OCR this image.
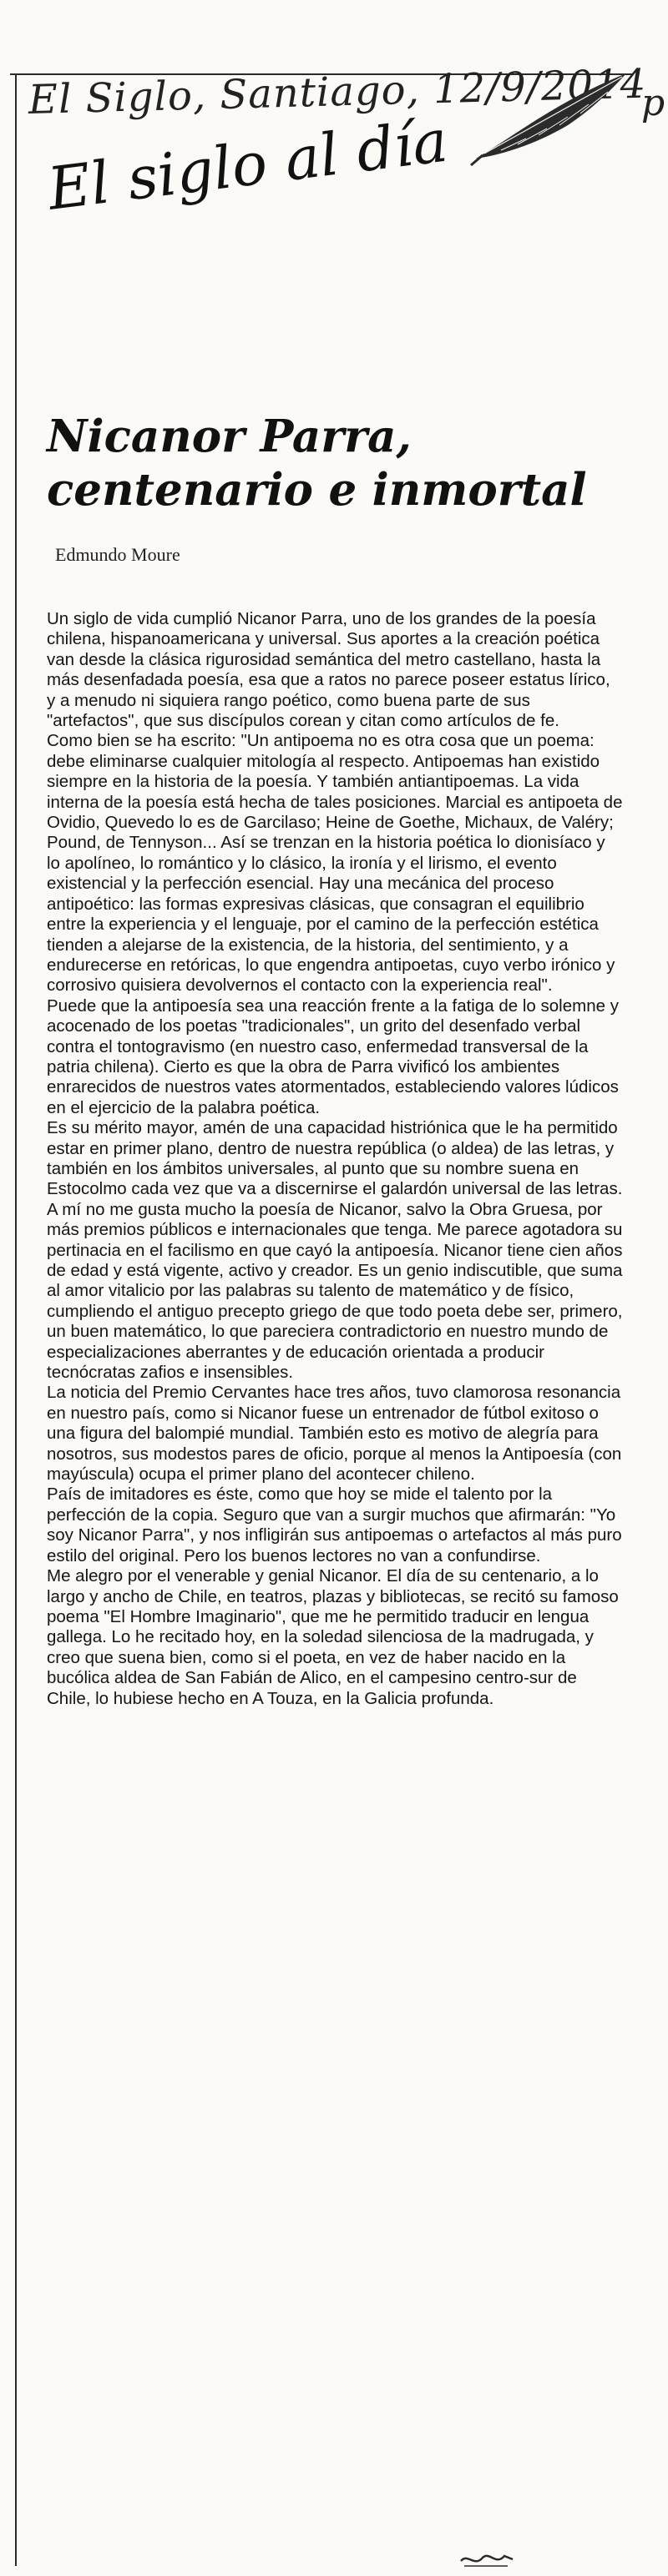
El Siglo, Santiago, 12/9/2014
p
El siglo al día
Nicanor Parra,
centenario e inmortal
Edmundo Moure

Un siglo de vida cumplió Nicanor Parra, uno de los grandes de la poesía chilena, hispanoamericana y universal. Sus aportes a la creación poética van desde la clásica rigurosidad semántica del metro castellano, hasta la más desenfadada poesía, esa que a ratos no parece poseer estatus lírico, y a menudo ni siquiera rango poético, como buena parte de sus "artefactos", que sus discípulos corean y citan como artículos de fe.

Como bien se ha escrito: "Un antipoema no es otra cosa que un poema: debe eliminarse cualquier mitología al respecto. Antipoemas han existido siempre en la historia de la poesía. Y también antiantipoemas. La vida interna de la poesía está hecha de tales posiciones. Marcial es antipoeta de Ovidio, Quevedo lo es de Garcilaso; Heine de Goethe, Michaux, de Valéry; Pound, de Tennyson... Así se trenzan en la historia poética lo dionisíaco y lo apolíneo, lo romántico y lo clásico, la ironía y el lirismo, el evento existencial y la perfección esencial. Hay una mecánica del proceso antipoético: las formas expresivas clásicas, que consagran el equilibrio entre la experiencia y el lenguaje, por el camino de la perfección estética tienden a alejarse de la existencia, de la historia, del sentimiento, y a endurecerse en retóricas, lo que engendra antipoetas, cuyo verbo irónico y corrosivo quisiera devolvernos el contacto con la experiencia real".

Puede que la antipoesía sea una reacción frente a la fatiga de lo solemne y acocenado de los poetas "tradicionales", un grito del desenfado verbal contra el tontogravismo (en nuestro caso, enfermedad transversal de la patria chilena). Cierto es que la obra de Parra vivificó los ambientes enrarecidos de nuestros vates atormentados, estableciendo valores lúdicos en el ejercicio de la palabra poética.

Es su mérito mayor, amén de una capacidad histriónica que le ha permitido estar en primer plano, dentro de nuestra república (o aldea) de las letras, y también en los ámbitos universales, al punto que su nombre suena en Estocolmo cada vez que va a discernirse el galardón universal de las letras.

A mí no me gusta mucho la poesía de Nicanor, salvo la Obra Gruesa, por más premios públicos e internacionales que tenga. Me parece agotadora su pertinacia en el facilismo en que cayó la antipoesía. Nicanor tiene cien años de edad y está vigente, activo y creador. Es un genio indiscutible, que suma al amor vitalicio por las palabras su talento de matemático y de físico, cumpliendo el antiguo precepto griego de que todo poeta debe ser, primero, un buen matemático, lo que pareciera contradictorio en nuestro mundo de especializaciones aberrantes y de educación orientada a producir tecnócratas zafios e insensibles.

La noticia del Premio Cervantes hace tres años, tuvo clamorosa resonancia en nuestro país, como si Nicanor fuese un entrenador de fútbol exitoso o una figura del balompié mundial. También esto es motivo de alegría para nosotros, sus modestos pares de oficio, porque al menos la Antipoesía (con mayúscula) ocupa el primer plano del acontecer chileno.

País de imitadores es éste, como que hoy se mide el talento por la perfección de la copia. Seguro que van a surgir muchos que afirmarán: "Yo soy Nicanor Parra", y nos infligirán sus antipoemas o artefactos al más puro estilo del original. Pero los buenos lectores no van a confundirse.

Me alegro por el venerable y genial Nicanor. El día de su centenario, a lo largo y ancho de Chile, en teatros, plazas y bibliotecas, se recitó su famoso poema "El Hombre Imaginario", que me he permitido traducir en lengua gallega. Lo he recitado hoy, en la soledad silenciosa de la madrugada, y creo que suena bien, como si el poeta, en vez de haber nacido en la bucólica aldea de San Fabián de Alico, en el campesino centro-sur de Chile, lo hubiese hecho en A Touza, en la Galicia profunda.
